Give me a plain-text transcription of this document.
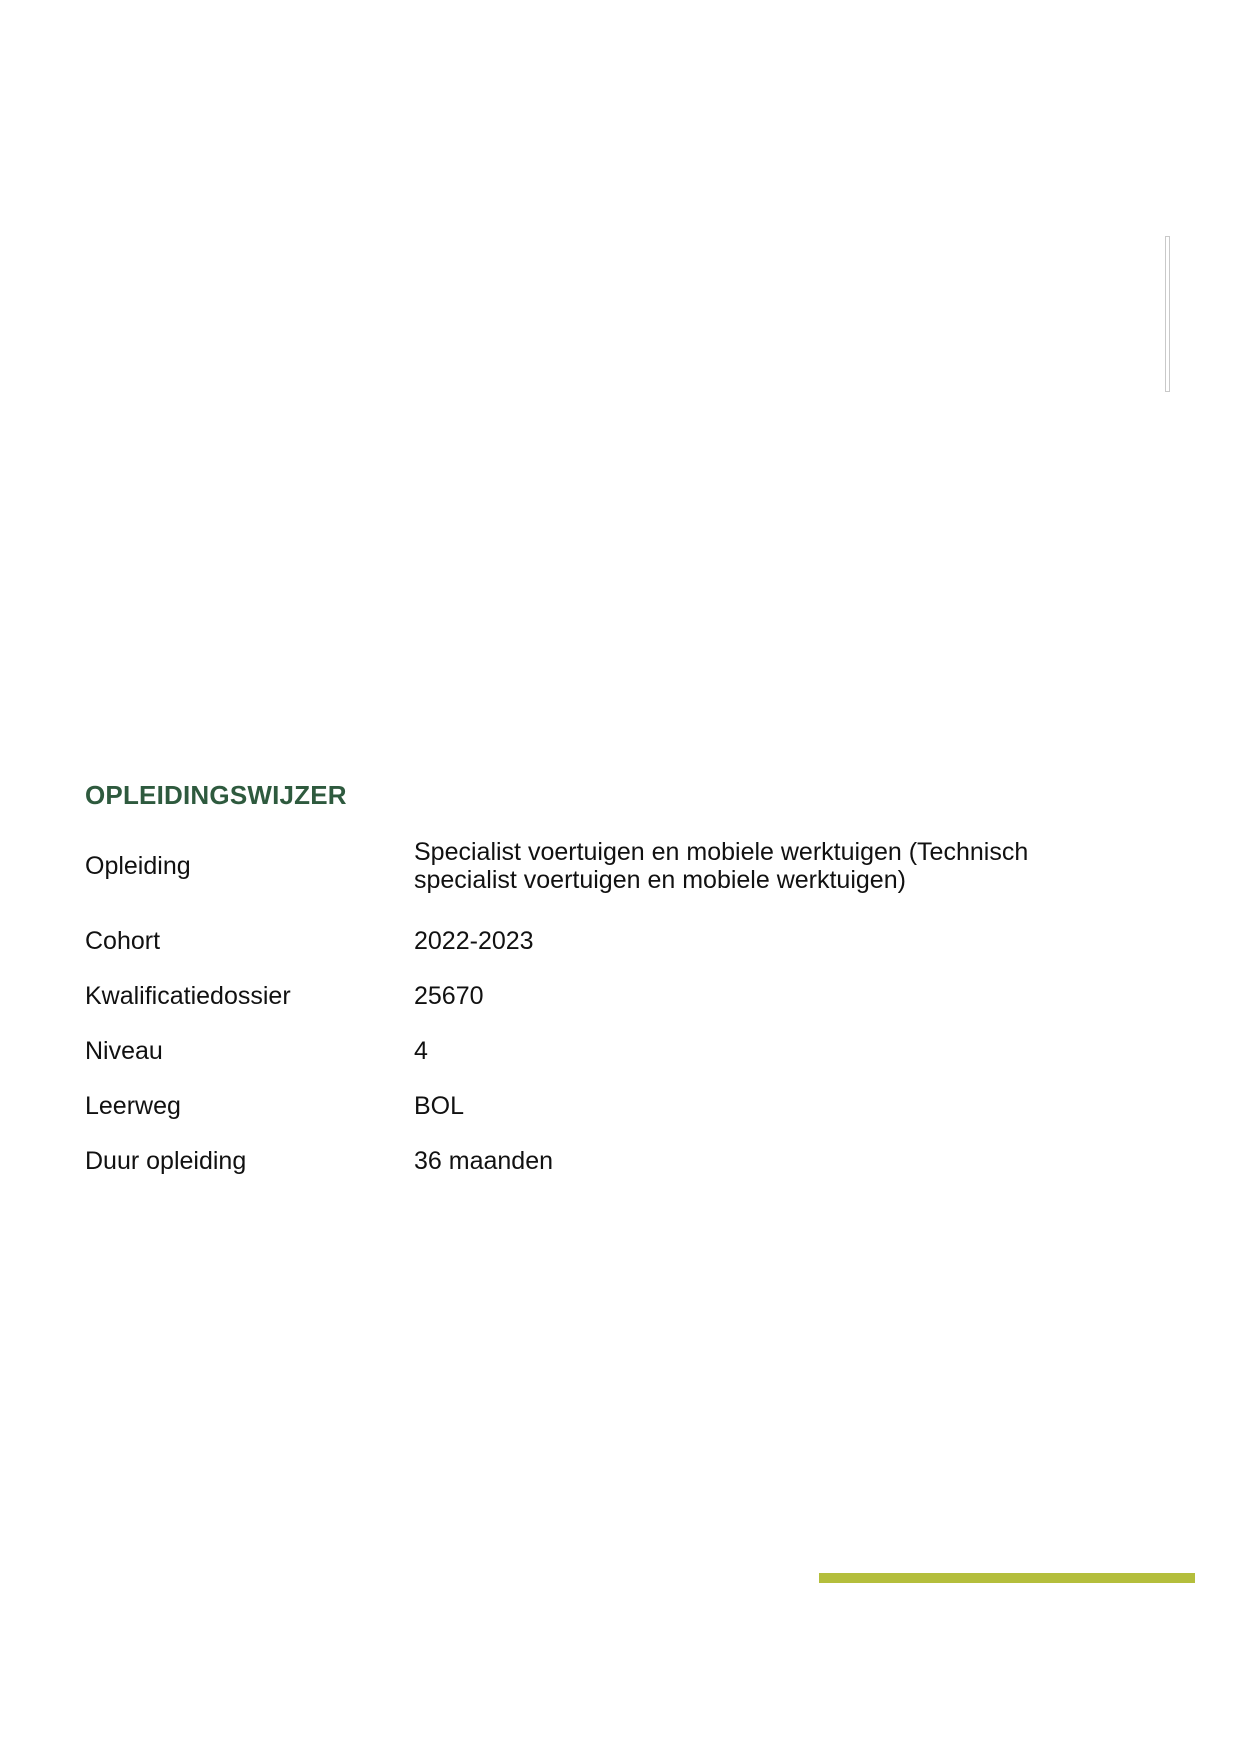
OPLEIDINGSWIJZER
Opleiding	Specialist voertuigen en mobiele werktuigen (Technisch specialist voertuigen en mobiele werktuigen)
Cohort	2022-2023
Kwalificatiedossier	25670
Niveau	4
Leerweg	BOL
Duur opleiding	36 maanden
